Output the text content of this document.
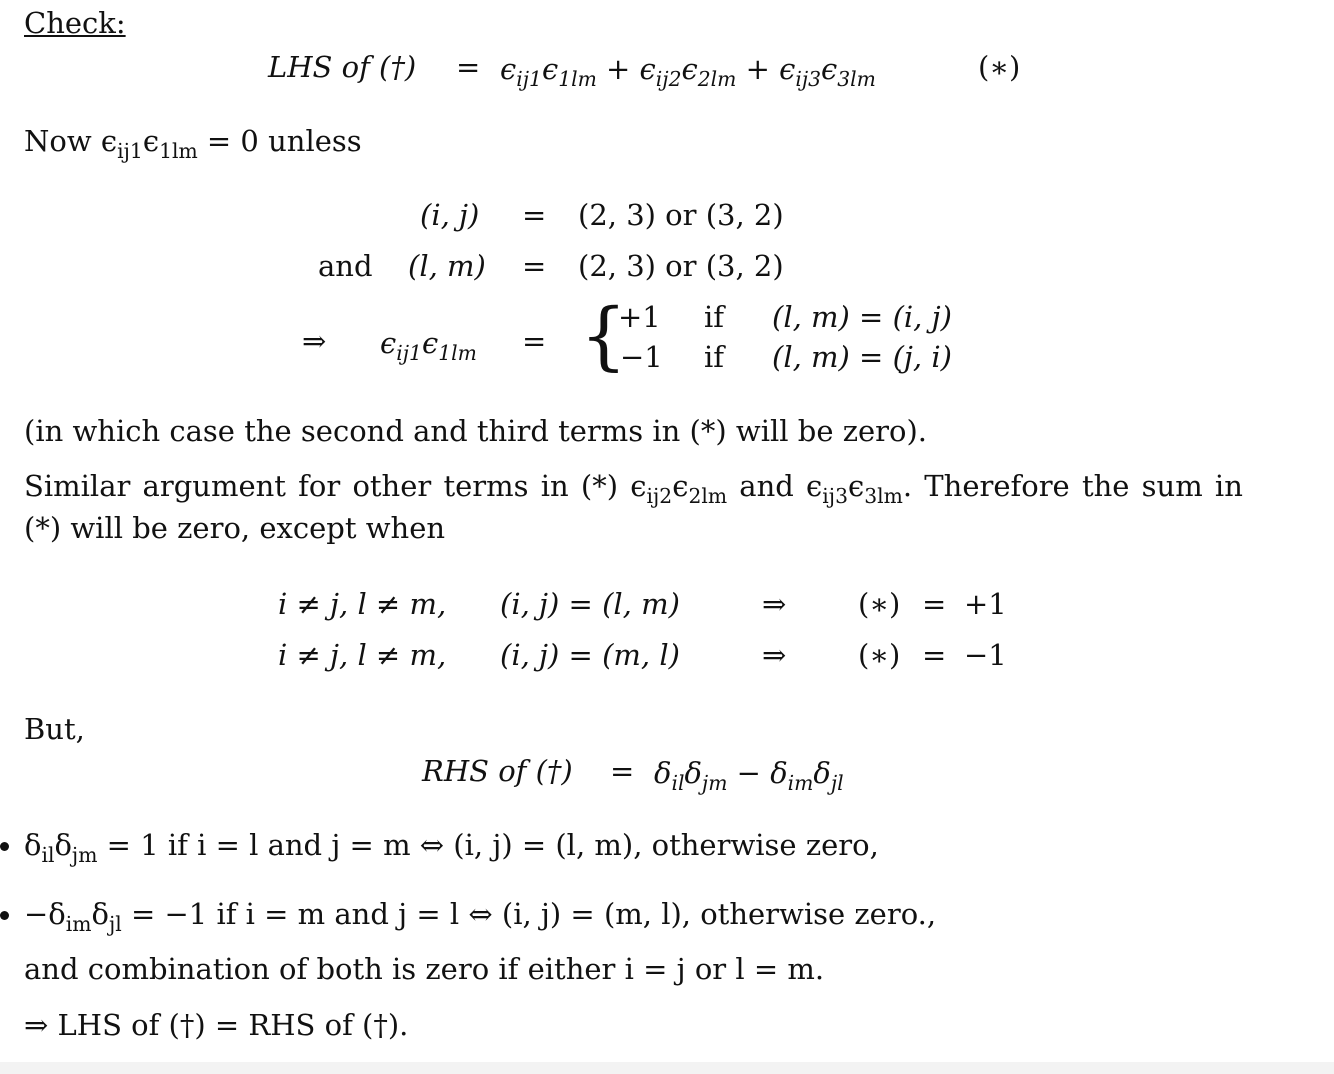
Check:
LHS of (†) = $\epsilon_{ij1}\epsilon_{1lm} + \epsilon_{ij2}\epsilon_{2lm} + \epsilon_{ij3}\epsilon_{3lm}$	(∗)
Now $\epsilon_{ij1}\epsilon_{1lm} = 0$ unless
(i, j) = (2, 3) or (3, 2)
and (l, m) = (2, 3) or (3, 2)
⇒ $\epsilon_{ij1}\epsilon_{1lm}$ = {
+1 if (l, m) = (i, j)
−1 if (l, m) = (j, i)
(in which case the second and third terms in (*) will be zero).
Similar argument for other terms in (*) $\epsilon_{ij2}\epsilon_{2lm}$ and $\epsilon_{ij3}\epsilon_{3lm}$. Therefore the sum in
(*) will be zero, except when
i ≠ j, l ≠ m, (i, j) = (l, m)	⇒ (∗) = +1
i ≠ j, l ≠ m, (i, j) = (m, l)	⇒ (∗) = −1
But,
RHS of (†) = $\delta_{il}\delta_{jm} - \delta_{im}\delta_{jl}$
$\delta_{il}\delta_{jm} = 1$ if i = l and j = m ⇔ (i, j) = (l, m), otherwise zero,
$-\delta_{im}\delta_{jl} = -1$ if i = m and j = l ⇔ (i, j) = (m, l), otherwise zero.,
and combination of both is zero if either i = j or l = m.
⇒ LHS of (†) = RHS of (†).
